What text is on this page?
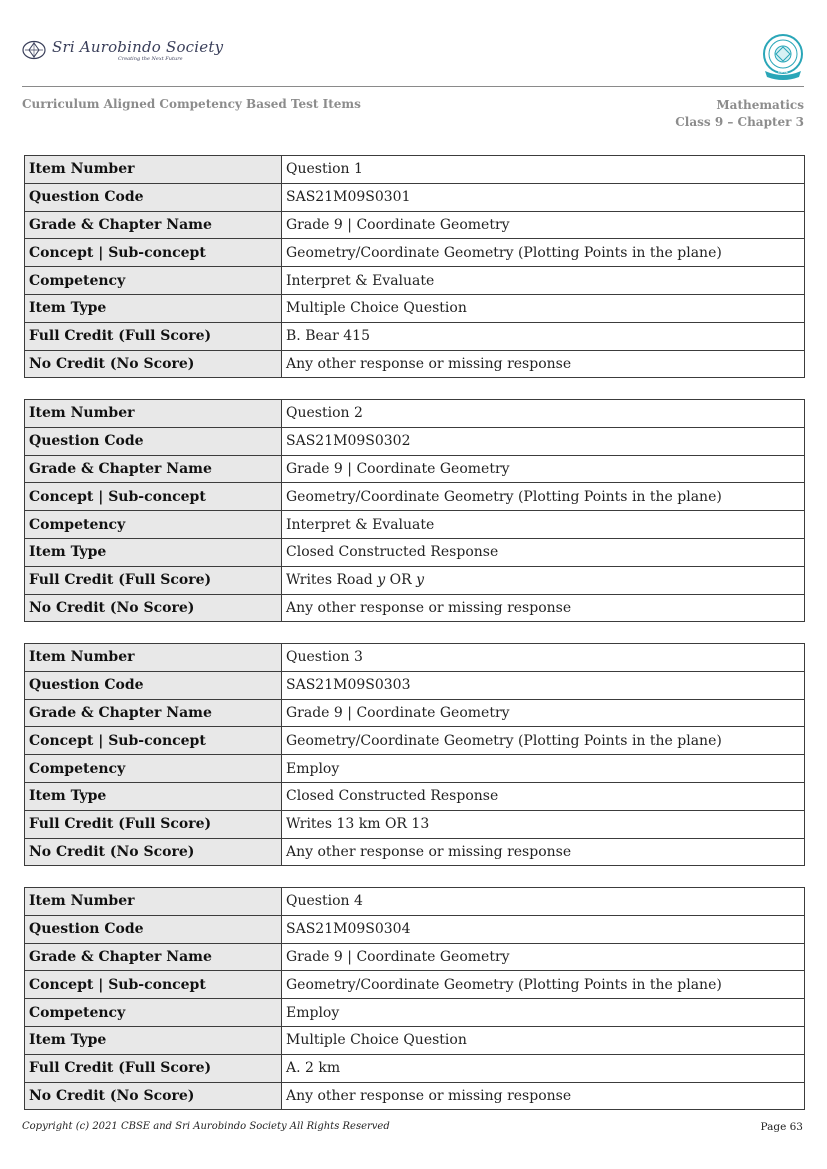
Sri Aurobindo Society
Creating the Next Future
CBSE
Curriculum Aligned Competency Based Test Items	Mathematics
Class 9 – Chapter 3
Item Number	Question 1
Question Code	SAS21M09S0301
Grade & Chapter Name	Grade 9 | Coordinate Geometry
Concept | Sub-concept	Geometry/Coordinate Geometry (Plotting Points in the plane)
Competency	Interpret & Evaluate
Item Type	Multiple Choice Question
Full Credit (Full Score)	B. Bear 415
No Credit (No Score)	Any other response or missing response
Item Number	Question 2
Question Code	SAS21M09S0302
Grade & Chapter Name	Grade 9 | Coordinate Geometry
Concept | Sub-concept	Geometry/Coordinate Geometry (Plotting Points in the plane)
Competency	Interpret & Evaluate
Item Type	Closed Constructed Response
Full Credit (Full Score)	Writes Road y OR y
No Credit (No Score)	Any other response or missing response
Item Number	Question 3
Question Code	SAS21M09S0303
Grade & Chapter Name	Grade 9 | Coordinate Geometry
Concept | Sub-concept	Geometry/Coordinate Geometry (Plotting Points in the plane)
Competency	Employ
Item Type	Closed Constructed Response
Full Credit (Full Score)	Writes 13 km OR 13
No Credit (No Score)	Any other response or missing response
Item Number	Question 4
Question Code	SAS21M09S0304
Grade & Chapter Name	Grade 9 | Coordinate Geometry
Concept | Sub-concept	Geometry/Coordinate Geometry (Plotting Points in the plane)
Competency	Employ
Item Type	Multiple Choice Question
Full Credit (Full Score)	A. 2 km
No Credit (No Score)	Any other response or missing response
Copyright (c) 2021 CBSE and Sri Aurobindo Society All Rights Reserved	Page 63
